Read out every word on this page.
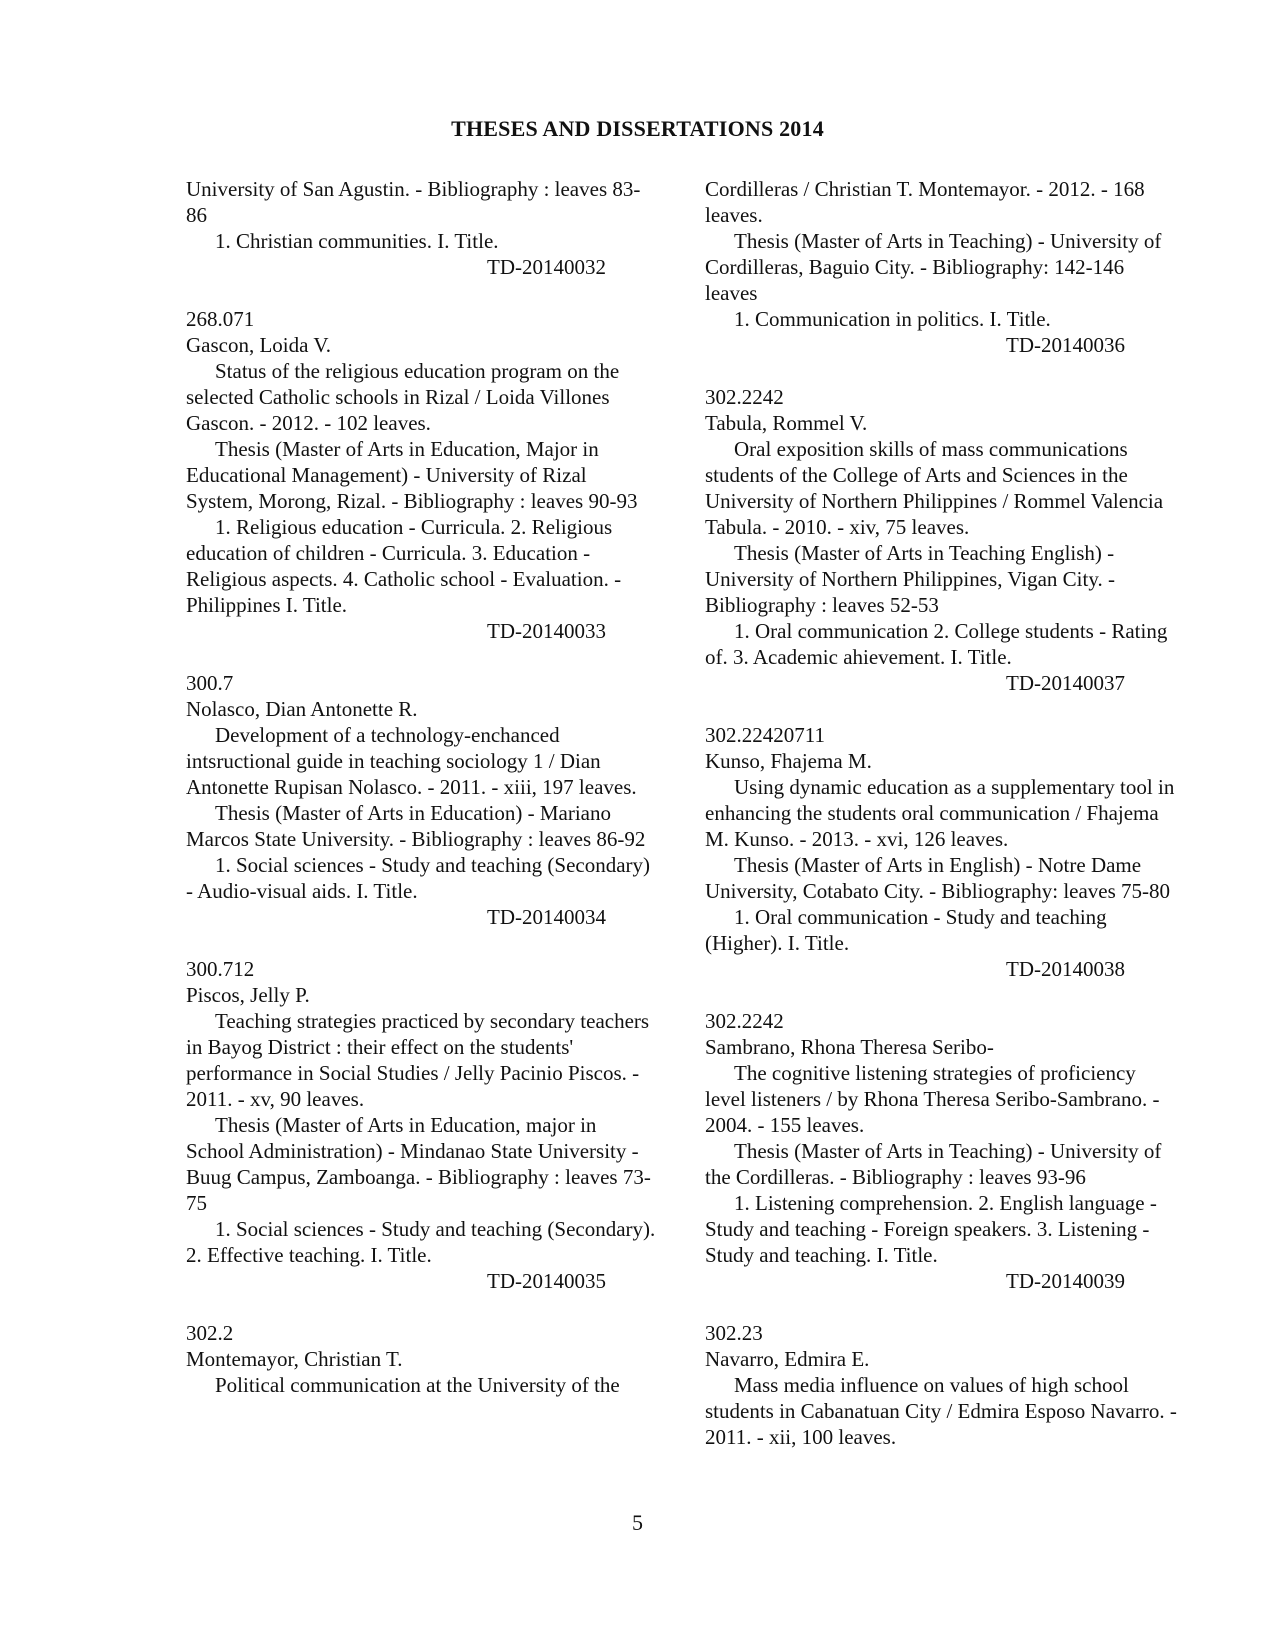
THESES AND DISSERTATIONS 2014

University of San Agustin. - Bibliography : leaves 83-86

1. Christian communities. I. Title.

TD-20140032

268.071

Gascon, Loida V.

Status of the religious education program on the selected Catholic schools in Rizal / Loida Villones Gascon. - 2012. - 102 leaves.

Thesis (Master of Arts in Education, Major in Educational Management) - University of Rizal System, Morong, Rizal. - Bibliography : leaves 90-93

1. Religious education - Curricula. 2. Religious education of children - Curricula. 3. Education - Religious aspects. 4. Catholic school - Evaluation. - Philippines I. Title.

TD-20140033

300.7

Nolasco, Dian Antonette R.

Development of a technology-enchanced intsructional guide in teaching sociology 1 / Dian Antonette Rupisan Nolasco. - 2011. - xiii, 197 leaves.

Thesis (Master of Arts in Education) - Mariano Marcos State University. - Bibliography : leaves 86-92

1. Social sciences - Study and teaching (Secondary) - Audio-visual aids. I. Title.

TD-20140034

300.712

Piscos, Jelly P.

Teaching strategies practiced by secondary teachers in Bayog District : their effect on the students' performance in Social Studies / Jelly Pacinio Piscos. - 2011. - xv, 90 leaves.

Thesis (Master of Arts in Education, major in School Administration) - Mindanao State University - Buug Campus, Zamboanga. - Bibliography : leaves 73-75

1. Social sciences - Study and teaching (Secondary). 2. Effective teaching. I. Title.

TD-20140035

302.2

Montemayor, Christian T.

Political communication at the University of the

Cordilleras / Christian T. Montemayor. - 2012. - 168 leaves.

Thesis (Master of Arts in Teaching) - University of Cordilleras, Baguio City. - Bibliography: 142-146 leaves

1. Communication in politics. I. Title.

TD-20140036

302.2242

Tabula, Rommel V.

Oral exposition skills of mass communications students of the College of Arts and Sciences in the University of Northern Philippines / Rommel Valencia Tabula. - 2010. - xiv, 75 leaves.

Thesis (Master of Arts in Teaching English) - University of Northern Philippines, Vigan City. - Bibliography : leaves 52-53

1. Oral communication 2. College students - Rating of. 3. Academic ahievement. I. Title.

TD-20140037

302.22420711

Kunso, Fhajema M.

Using dynamic education as a supplementary tool in enhancing the students oral communication / Fhajema M. Kunso. - 2013. - xvi, 126 leaves.

Thesis (Master of Arts in English) - Notre Dame University, Cotabato City. - Bibliography: leaves 75-80

1. Oral communication - Study and teaching (Higher). I. Title.

TD-20140038

302.2242

Sambrano, Rhona Theresa Seribo-

The cognitive listening strategies of proficiency level listeners / by Rhona Theresa Seribo-Sambrano. - 2004. - 155 leaves.

Thesis (Master of Arts in Teaching) - University of the Cordilleras. - Bibliography : leaves 93-96

1. Listening comprehension. 2. English language - Study and teaching - Foreign speakers. 3. Listening - Study and teaching. I. Title.

TD-20140039

302.23

Navarro, Edmira E.

Mass media influence on values of high school students in Cabanatuan City / Edmira Esposo Navarro. - 2011. - xii, 100 leaves.

5
